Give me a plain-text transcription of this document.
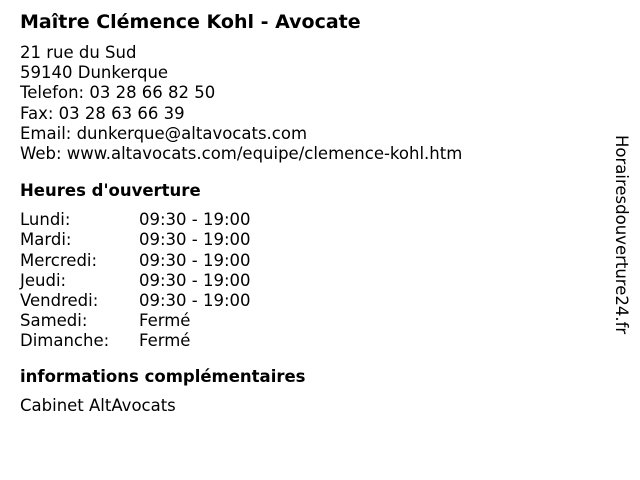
Maître Clémence Kohl - Avocate
21 rue du Sud
59140 Dunkerque
Telefon: 03 28 66 82 50
Fax: 03 28 63 66 39
Email: dunkerque@altavocats.com
Web: www.altavocats.com/equipe/clemence-kohl.htm
Heures d'ouverture
Lundi:	09:30 - 19:00
Mardi:	09:30 - 19:00
Mercredi:	09:30 - 19:00
Jeudi:	09:30 - 19:00
Vendredi: 09:30 - 19:00
Samedi:	Fermé
Dimanche: Fermé
informations complémentaires
Cabinet AltAvocats
Horairesdouverture24.fr
